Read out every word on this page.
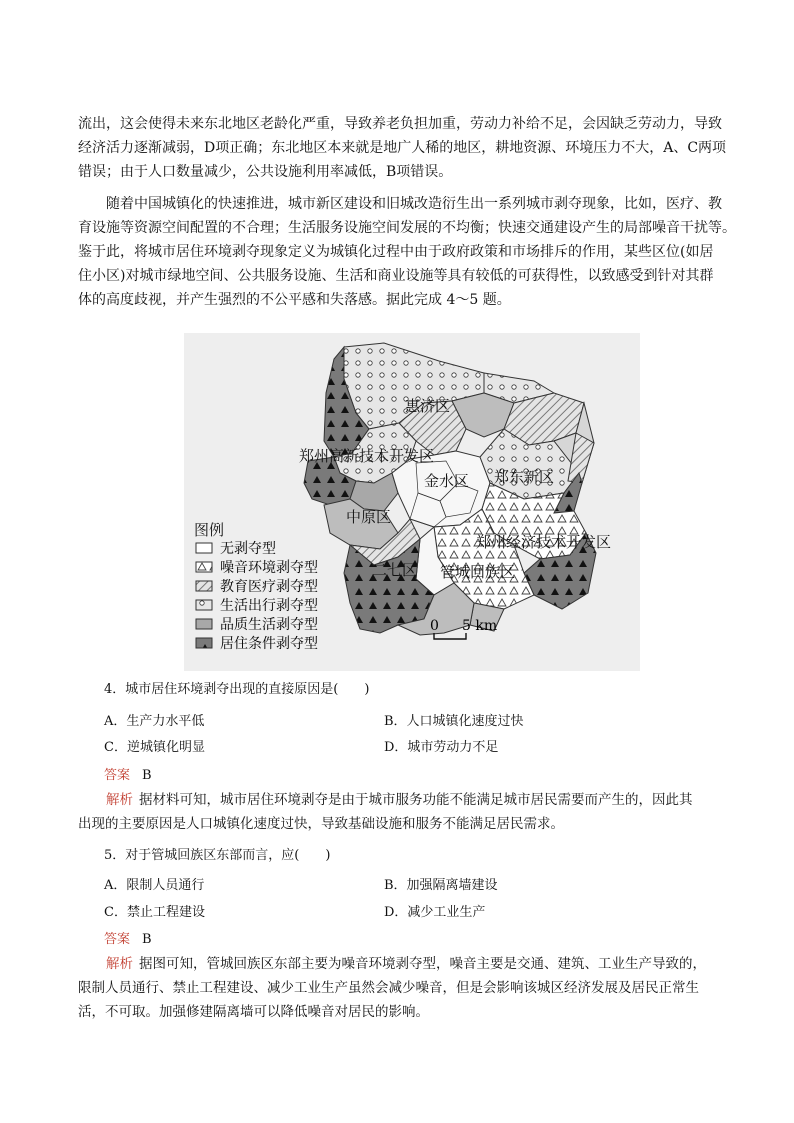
流出，这会使得未来东北地区老龄化严重，导致养老负担加重，劳动力补给不足，会因缺乏劳动力，导致
经济活力逐渐减弱，D项正确；东北地区本来就是地广人稀的地区，耕地资源、环境压力不大，A、C两项
错误；由于人口数量减少，公共设施利用率减低，B项错误。
随着中国城镇化的快速推进，城市新区建设和旧城改造衍生出一系列城市剥夺现象，比如，医疗、教
育设施等资源空间配置的不合理；生活服务设施空间发展的不均衡；快速交通建设产生的局部噪音干扰等。
鉴于此，将城市居住环境剥夺现象定义为城镇化过程中由于政府政策和市场排斥的作用，某些区位(如居
住小区)对城市绿地空间、公共服务设施、生活和商业设施等具有较低的可获得性，以致感受到针对其群
体的高度歧视，并产生强烈的不公平感和失落感。据此完成 4～5 题。
惠济区
郑州高新技术开发区
金水区 郑东新区
中原区
郑州经济技术开发区
二七区 管城回族区
图例
无剥夺型
噪音环境剥夺型
教育医疗剥夺型
生活出行剥夺型
品质生活剥夺型
居住条件剥夺型
0 5 km
4．城市居住环境剥夺出现的直接原因是(　　)
A．生产力水平低	B．人口城镇化速度过快
C．逆城镇化明显	D．城市劳动力不足
答案 B
解析 据材料可知，城市居住环境剥夺是由于城市服务功能不能满足城市居民需要而产生的，因此其
出现的主要原因是人口城镇化速度过快，导致基础设施和服务不能满足居民需求。
5．对于管城回族区东部而言，应(　　)
A．限制人员通行	B．加强隔离墙建设
C．禁止工程建设	D．减少工业生产
答案 B
解析 据图可知，管城回族区东部主要为噪音环境剥夺型，噪音主要是交通、建筑、工业生产导致的，
限制人员通行、禁止工程建设、减少工业生产虽然会减少噪音，但是会影响该城区经济发展及居民正常生
活，不可取。加强修建隔离墙可以降低噪音对居民的影响。
